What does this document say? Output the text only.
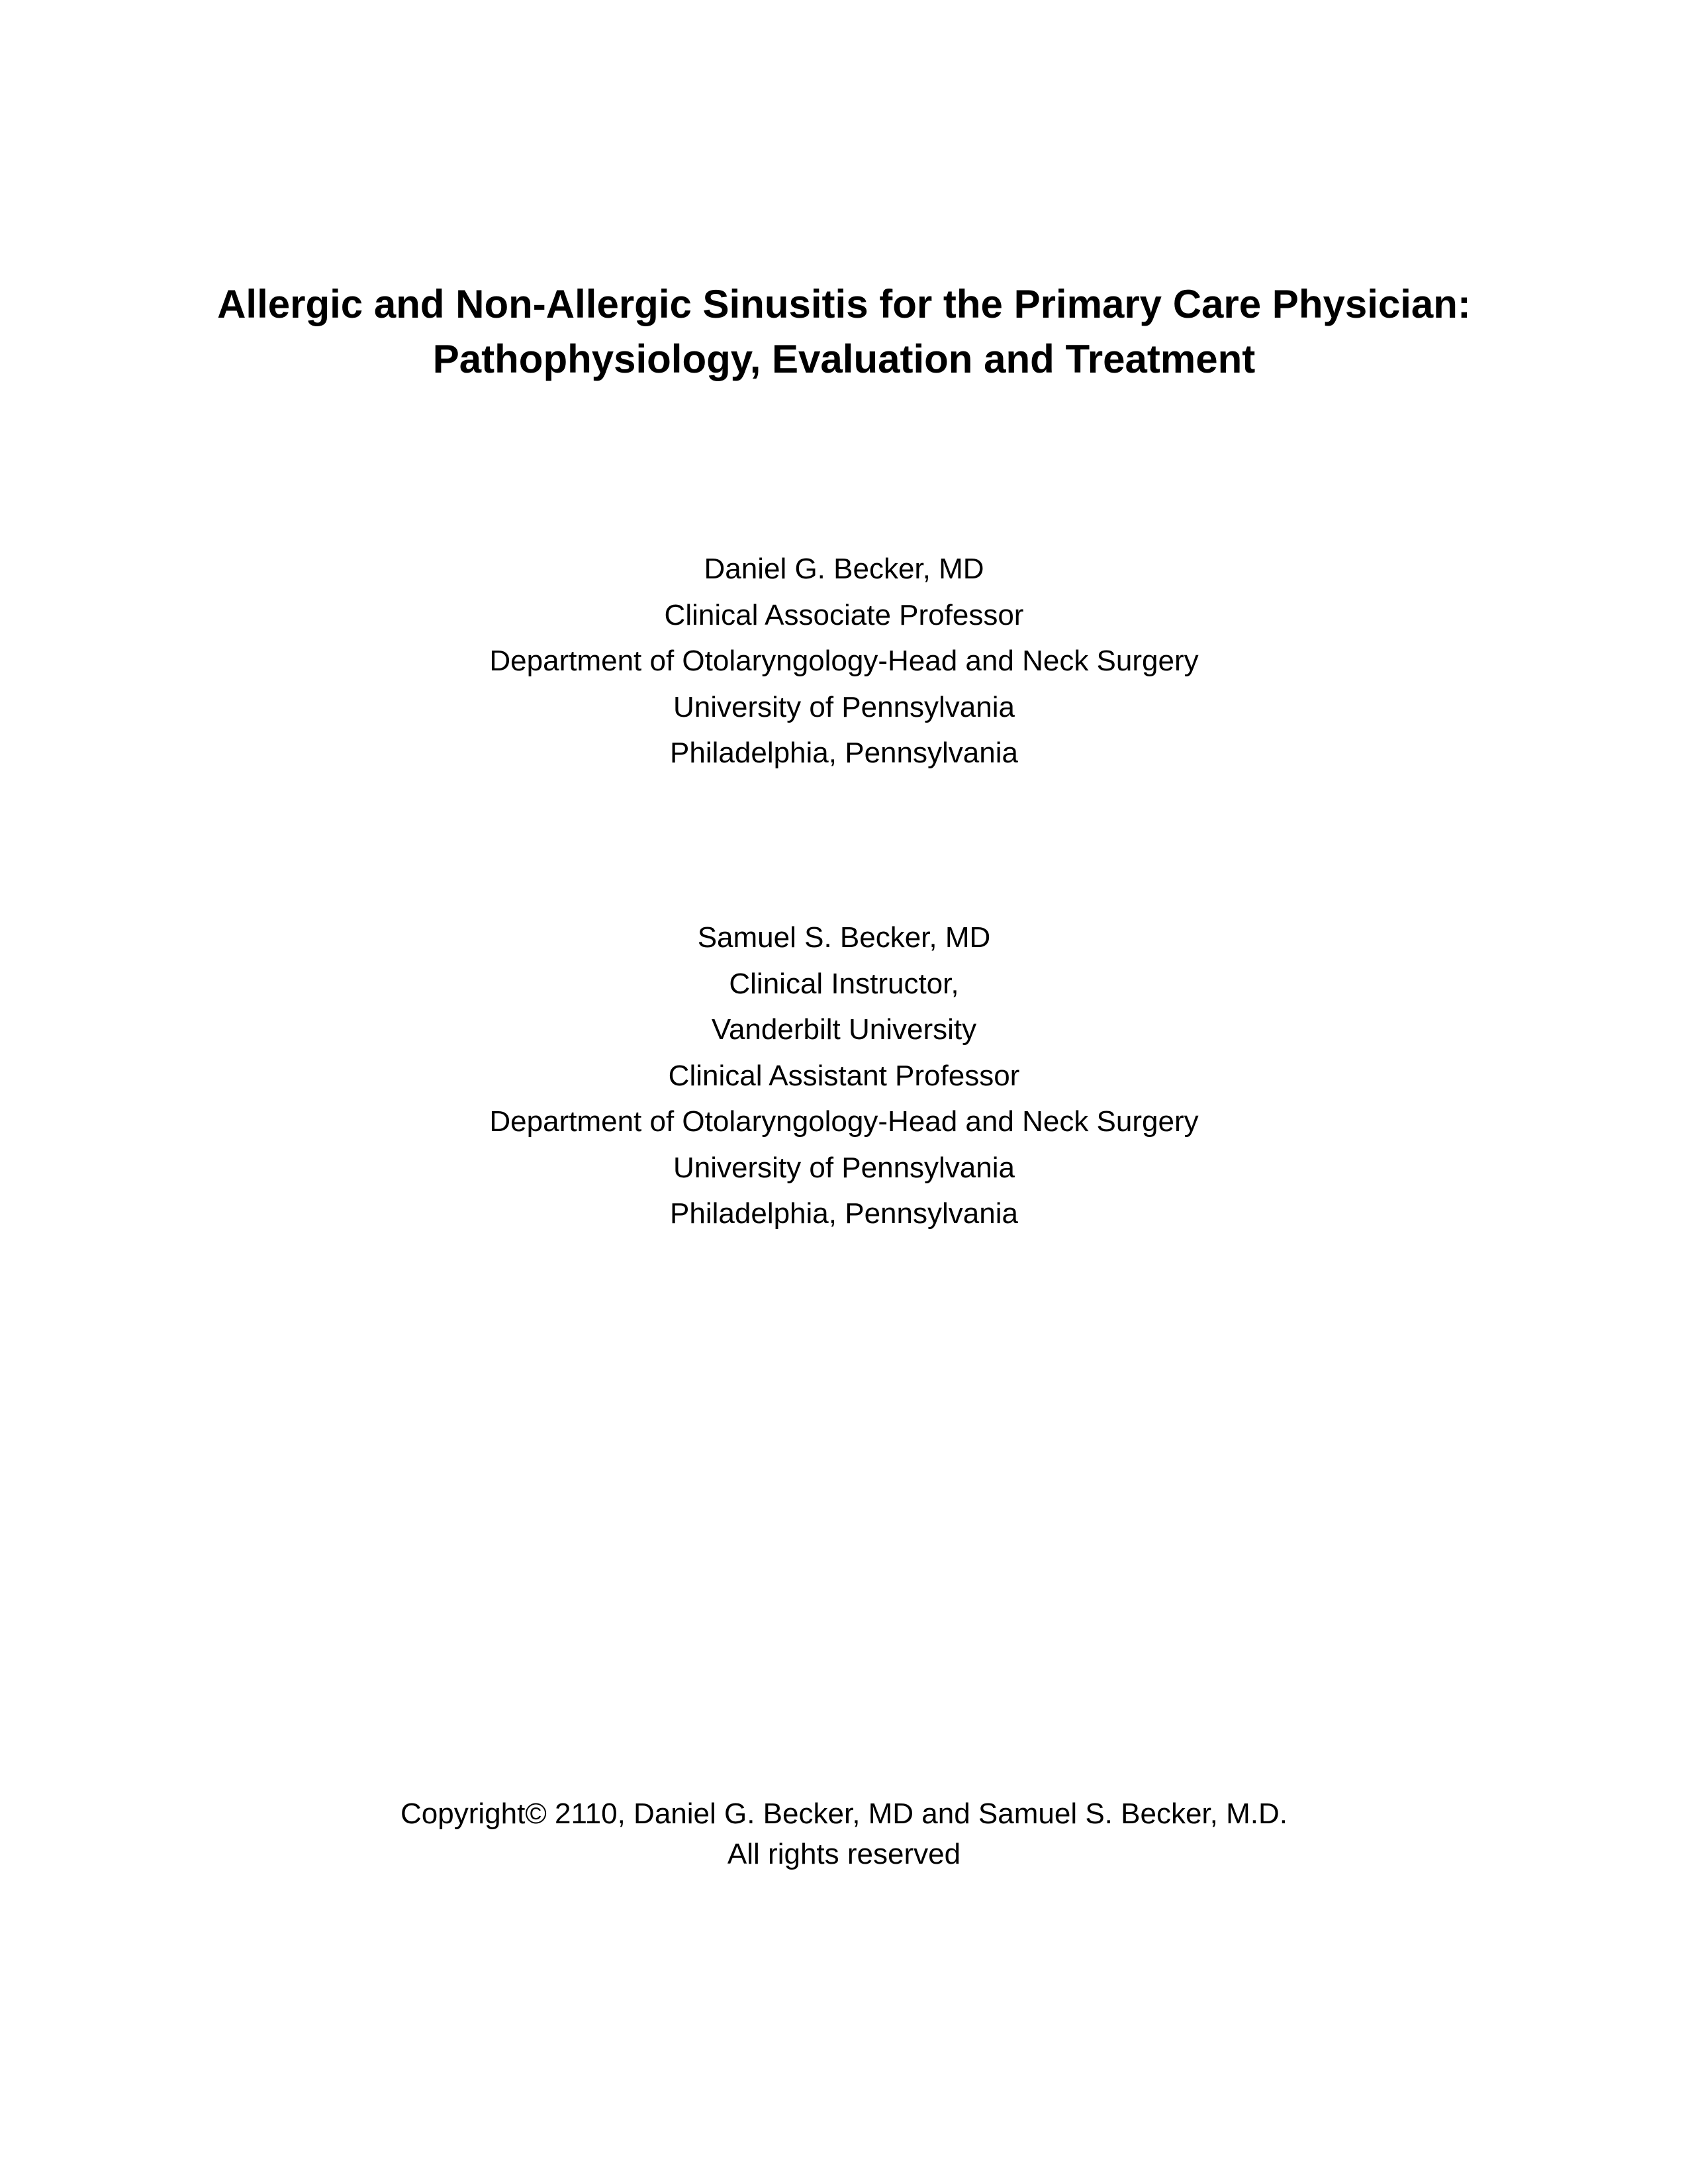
Allergic and Non-Allergic Sinusitis for the Primary Care Physician:
Pathophysiology, Evaluation and Treatment
Daniel G. Becker, MD
Clinical Associate Professor
Department of Otolaryngology-Head and Neck Surgery
University of Pennsylvania
Philadelphia, Pennsylvania
Samuel S. Becker, MD
Clinical Instructor,
Vanderbilt University
Clinical Assistant Professor
Department of Otolaryngology-Head and Neck Surgery
University of Pennsylvania
Philadelphia, Pennsylvania
Copyright© 2110, Daniel G. Becker, MD and Samuel S. Becker, M.D.
All rights reserved
